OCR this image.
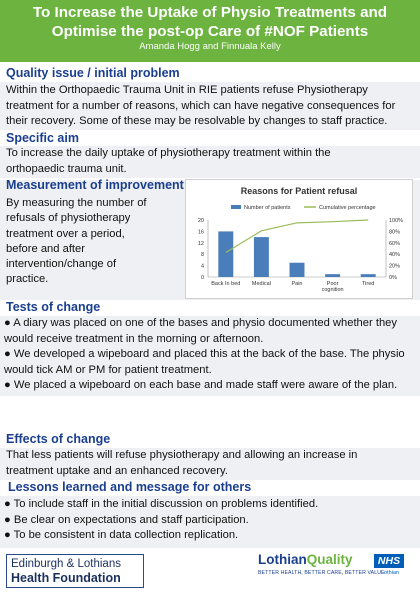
To Increase the Uptake of Physio Treatments and
Optimise the post-op Care of #NOF Patients
Amanda Hogg and Finnuala Kelly
Quality issue / initial problem
Within the Orthopaedic Trauma Unit in RIE patients refuse Physiotherapy
treatment for a number of reasons, which can have negative consequences for
their recovery. Some of these may be resolvable by changes to staff practice.
Specific aim
To increase the daily uptake of physiotherapy treatment within the
orthopaedic trauma unit.
Measurement of improvement
By measuring the number of
refusals of physiotherapy
treatment over a period,
before and after
intervention/change of
practice.
Reasons for Patient refusal
Number of patients	Cumulative percentage
0
4
8
12
16
20
0%
20%
40%
60%
80%
100%
Back In bed Medical	Pain	Poor
cognition
Tired
Tests of change
● A diary was placed on one of the bases and physio documented whether they
would receive treatment in the morning or afternoon.
● We developed a wipeboard and placed this at the back of the base. The physio
would tick AM or PM for patient treatment.
● We placed a wipeboard on each base and made staff were aware of the plan.
Effects of change
That less patients will refuse physiotherapy and allowing an increase in
treatment uptake and an enhanced recovery.
Lessons learned and message for others
● To include staff in the initial discussion on problems identified.
● Be clear on expectations and staff participation.
● To be consistent in data collection replication.
Edinburgh & Lothians
Health Foundation
LothianQuality
BETTER HEALTH, BETTER CARE, BETTER VALUE
NHS
Lothian
